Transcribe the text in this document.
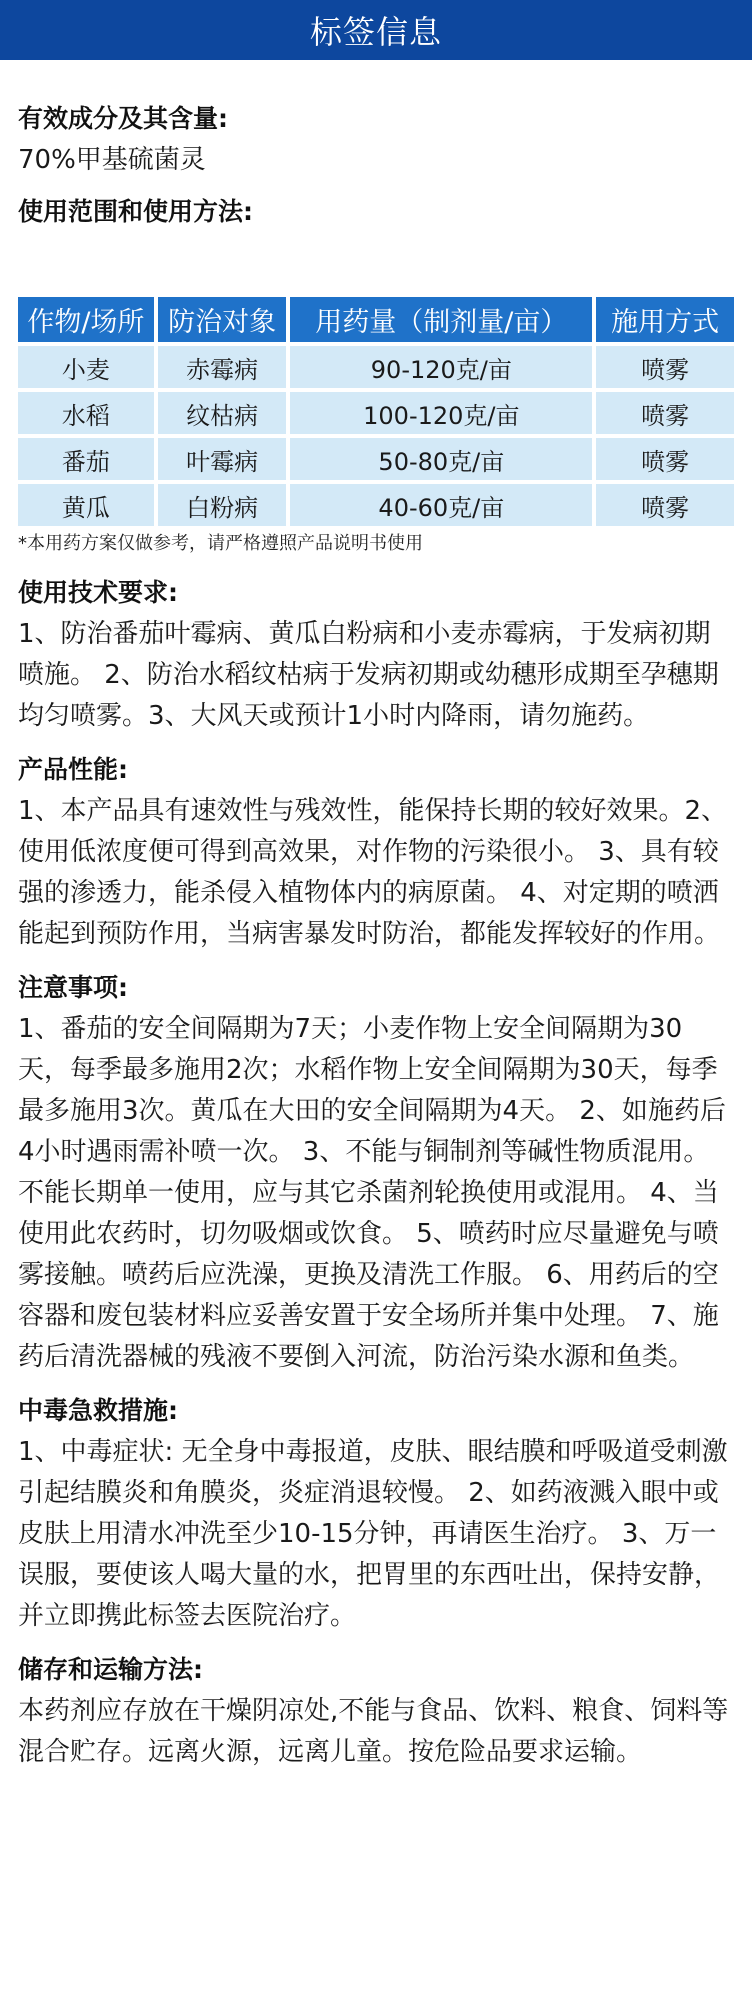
标签信息
有效成分及其含量:
70%甲基硫菌灵
使用范围和使用方法:
作物/场所	防治对象	用药量（制剂量/亩）	施用方式
小麦	赤霉病	90-120克/亩	喷雾
水稻	纹枯病	100-120克/亩	喷雾
番茄	叶霉病	50-80克/亩	喷雾
黄瓜	白粉病	40-60克/亩	喷雾
*本用药方案仅做参考，请严格遵照产品说明书使用
使用技术要求:
1、防治番茄叶霉病、黄瓜白粉病和小麦赤霉病，于发病初期喷施。 2、防治水稻纹枯病于发病初期或幼穗形成期至孕穗期均匀喷雾。3、大风天或预计1小时内降雨，请勿施药。
产品性能:
1、本产品具有速效性与残效性，能保持长期的较好效果。2、使用低浓度便可得到高效果，对作物的污染很小。 3、具有较强的渗透力，能杀侵入植物体内的病原菌。 4、对定期的喷洒能起到预防作用，当病害暴发时防治，都能发挥较好的作用。
注意事项:
1、番茄的安全间隔期为7天；小麦作物上安全间隔期为30天，每季最多施用2次；水稻作物上安全间隔期为30天，每季最多施用3次。黄瓜在大田的安全间隔期为4天。 2、如施药后4小时遇雨需补喷一次。 3、不能与铜制剂等碱性物质混用。不能长期单一使用，应与其它杀菌剂轮换使用或混用。 4、当使用此农药时，切勿吸烟或饮食。 5、喷药时应尽量避免与喷雾接触。喷药后应洗澡，更换及清洗工作服。 6、用药后的空容器和废包装材料应妥善安置于安全场所并集中处理。 7、施药后清洗器械的残液不要倒入河流，防治污染水源和鱼类。
中毒急救措施:
1、中毒症状: 无全身中毒报道，皮肤、眼结膜和呼吸道受刺激引起结膜炎和角膜炎，炎症消退较慢。 2、如药液溅入眼中或皮肤上用清水冲洗至少10-15分钟，再请医生治疗。 3、万一误服，要使该人喝大量的水，把胃里的东西吐出，保持安静，并立即携此标签去医院治疗。
储存和运输方法:
本药剂应存放在干燥阴凉处,不能与食品、饮料、粮食、饲料等混合贮存。远离火源，远离儿童。按危险品要求运输。
